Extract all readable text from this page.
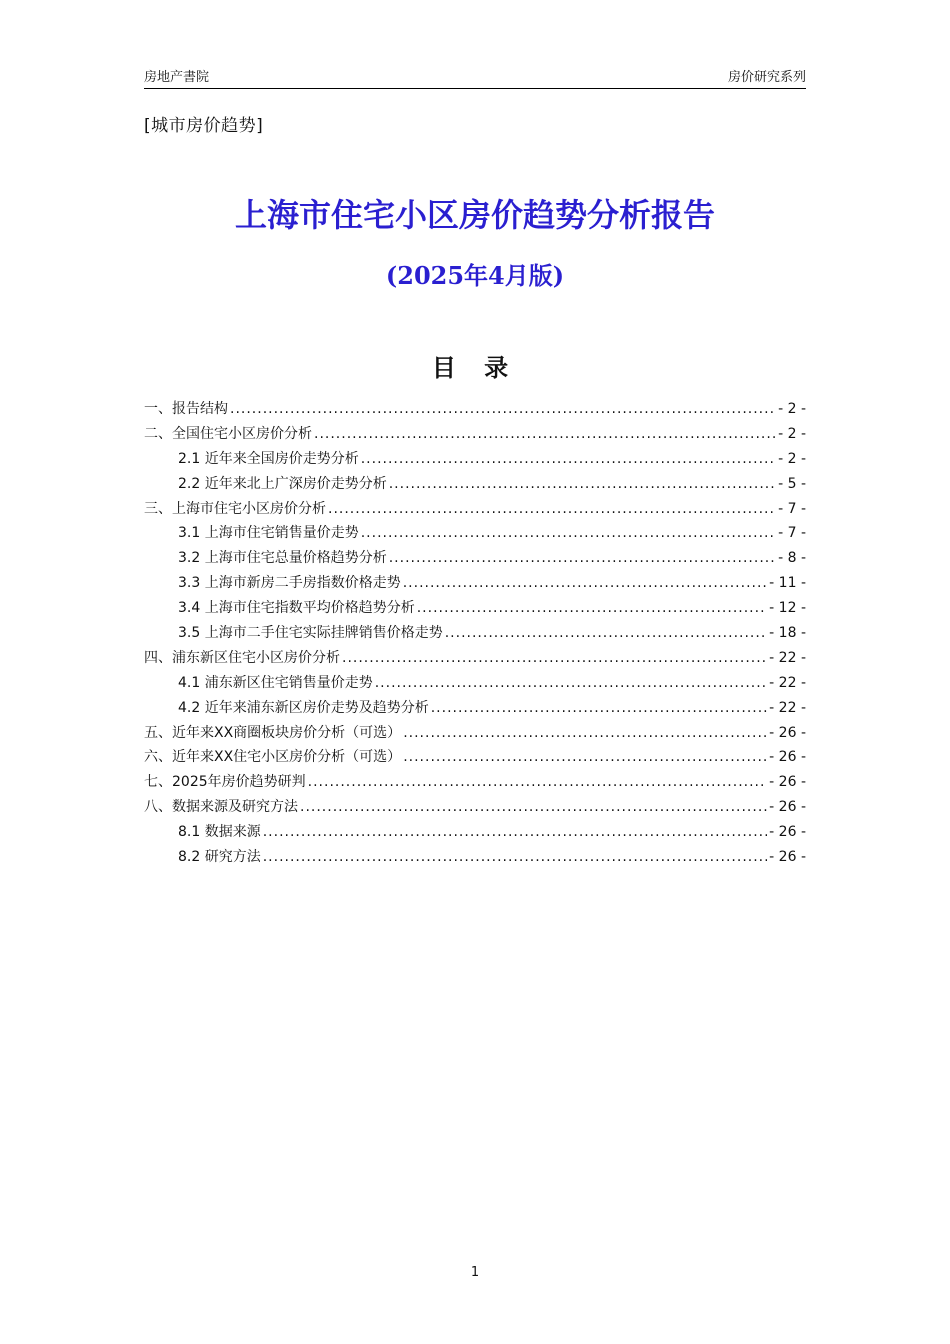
房地产書院	房价研究系列
[城市房价趋势]
上海市住宅小区房价趋势分析报告
(2025年4月版)
目 录
一、报告结构 .....	- 2 -
二、全国住宅小区房价分析 .....	- 2 -
2.1 近年来全国房价走势分析 .....	- 2 -
2.2 近年来北上广深房价走势分析 .....	- 5 -
三、上海市住宅小区房价分析 .....	- 7 -
3.1 上海市住宅销售量价走势 .....	- 7 -
3.2 上海市住宅总量价格趋势分析 .....	- 8 -
3.3 上海市新房二手房指数价格走势 .....	- 11 -
3.4 上海市住宅指数平均价格趋势分析 .....	- 12 -
3.5 上海市二手住宅实际挂牌销售价格走势 .....	- 18 -
四、浦东新区住宅小区房价分析 .....	- 22 -
4.1 浦东新区住宅销售量价走势 .....	- 22 -
4.2 近年来浦东新区房价走势及趋势分析 .....	- 22 -
五、近年来XX商圈板块房价分析（可选） .....	- 26 -
六、近年来XX住宅小区房价分析（可选） .....	- 26 -
七、2025年房价趋势研判 .....	- 26 -
八、数据来源及研究方法 .....	- 26 -
8.1 数据来源 .....	- 26 -
8.2 研究方法 .....	- 26 -
1
